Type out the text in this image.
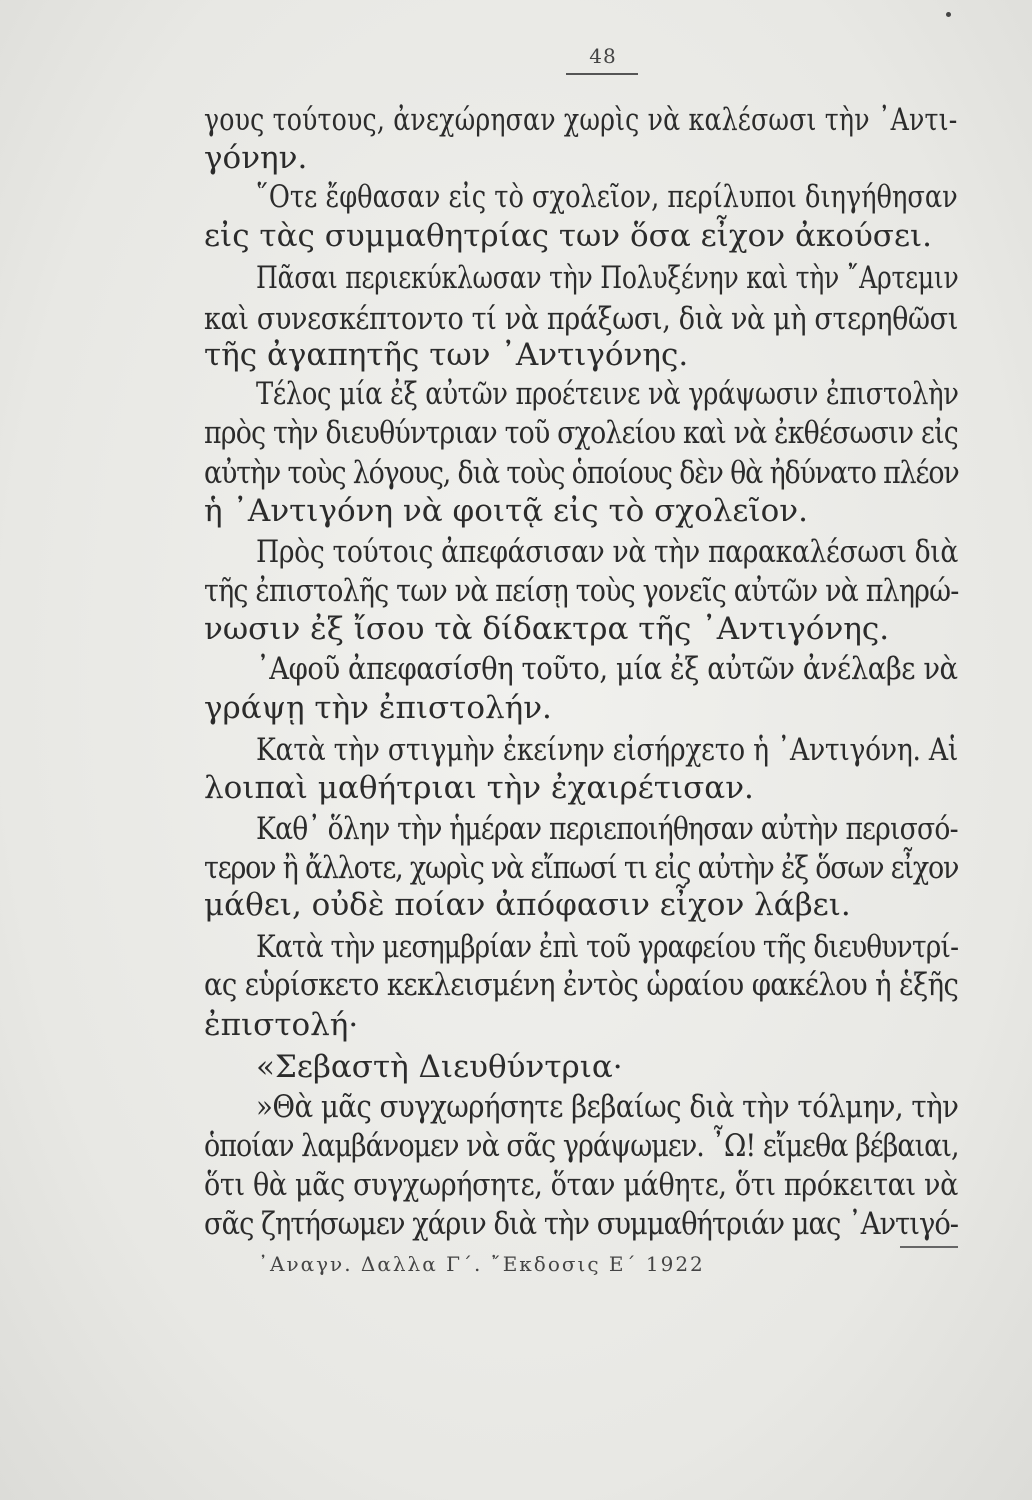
48
γους τούτους, ἀνεχώρησαν χωρὶς νὰ καλέσωσι τὴν ᾿Αντι-
γόνην.
῞Οτε ἔφθασαν εἰς τὸ σχολεῖον, περίλυποι διηγήθησαν
εἰς τὰς συμμαθητρίας των ὅσα εἶχον ἀκούσει.
Πᾶσαι περιεκύκλωσαν τὴν Πολυξένην καὶ τὴν ῎Αρτεμιν
καὶ συνεσκέπτοντο τί νὰ πράξωσι, διὰ νὰ μὴ στερηθῶσι
τῆς ἀγαπητῆς των ᾿Αντιγόνης.
Τέλος μία ἐξ αὐτῶν προέτεινε νὰ γράψωσιν ἐπιστολὴν
πρὸς τὴν διευθύντριαν τοῦ σχολείου καὶ νὰ ἐκθέσωσιν εἰς
αὐτὴν τοὺς λόγους, διὰ τοὺς ὁποίους δὲν θὰ ἠδύνατο πλέον
ἡ ᾿Αντιγόνη νὰ φοιτᾷ εἰς τὸ σχολεῖον.
Πρὸς τούτοις ἀπεφάσισαν νὰ τὴν παρακαλέσωσι διὰ
τῆς ἐπιστολῆς των νὰ πείσῃ τοὺς γονεῖς αὐτῶν νὰ πληρώ-
νωσιν ἐξ ἴσου τὰ δίδακτρα τῆς ᾿Αντιγόνης.
᾿Αφοῦ ἀπεφασίσθη τοῦτο, μία ἐξ αὐτῶν ἀνέλαβε νὰ
γράψῃ τὴν ἐπιστολήν.
Κατὰ τὴν στιγμὴν ἐκείνην εἰσήρχετο ἡ ᾿Αντιγόνη. Αἱ
λοιπαὶ μαθήτριαι τὴν ἐχαιρέτισαν.
Καθ᾿ ὅλην τὴν ἡμέραν περιεποιήθησαν αὐτὴν περισσό-
τερον ἢ ἄλλοτε, χωρὶς νὰ εἴπωσί τι εἰς αὐτὴν ἐξ ὅσων εἶχον
μάθει, οὐδὲ ποίαν ἀπόφασιν εἶχον λάβει.
Κατὰ τὴν μεσημβρίαν ἐπὶ τοῦ γραφείου τῆς διευθυντρί-
ας εὑρίσκετο κεκλεισμένη ἐντὸς ὡραίου φακέλου ἡ ἑξῆς
ἐπιστολή·
«Σεβαστὴ Διευθύντρια·
»Θὰ μᾶς συγχωρήσητε βεβαίως διὰ τὴν τόλμην, τὴν
ὁποίαν λαμβάνομεν νὰ σᾶς γράψωμεν. ῏Ω! εἴμεθα βέβαιαι,
ὅτι θὰ μᾶς συγχωρήσητε, ὅταν μάθητε, ὅτι πρόκειται νὰ
σᾶς ζητήσωμεν χάριν διὰ τὴν συμμαθήτριάν μας ᾿Αντιγό-
᾿Αναγν. Δαλλα Γ΄. ῎Εκδοσις Ε΄ 1922
